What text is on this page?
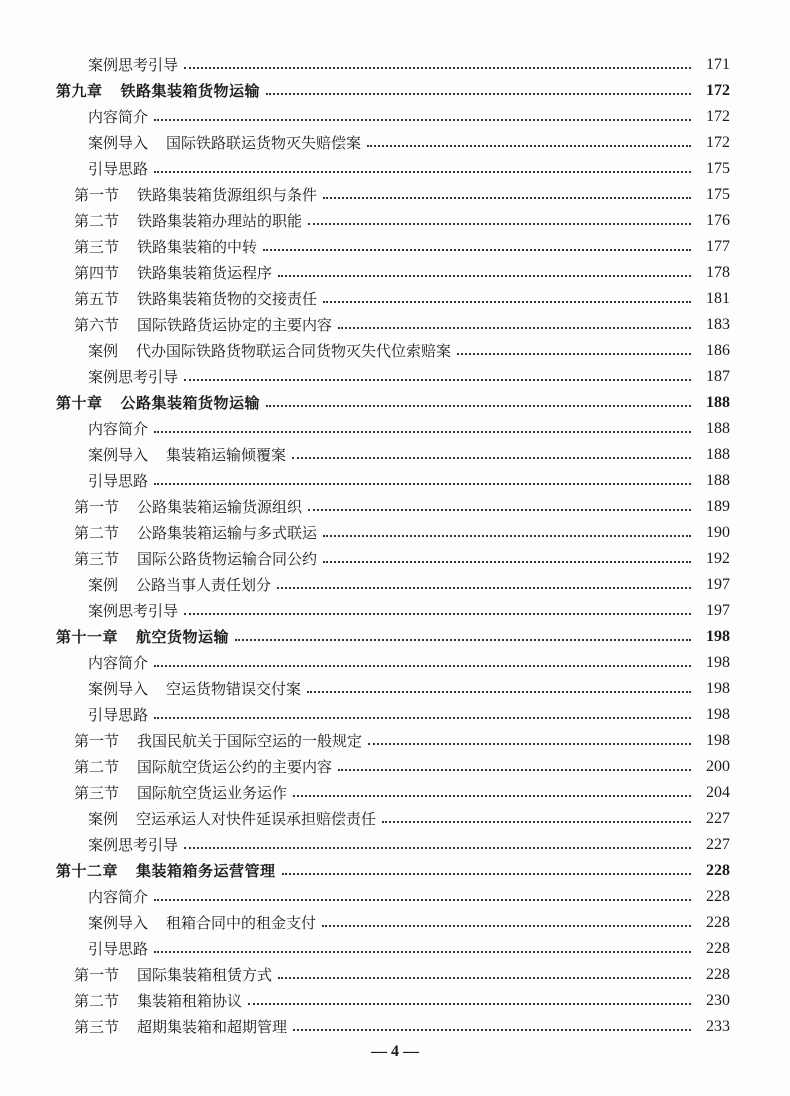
案例思考引导	171
第九章 铁路集装箱货物运输	172
内容简介	172
案例导入 国际铁路联运货物灭失赔偿案	172
引导思路	175
第一节 铁路集装箱货源组织与条件	175
第二节 铁路集装箱办理站的职能	176
第三节 铁路集装箱的中转	177
第四节 铁路集装箱货运程序	178
第五节 铁路集装箱货物的交接责任	181
第六节 国际铁路货运协定的主要内容	183
案例 代办国际铁路货物联运合同货物灭失代位索赔案	186
案例思考引导	187
第十章 公路集装箱货物运输	188
内容简介	188
案例导入 集装箱运输倾覆案	188
引导思路	188
第一节 公路集装箱运输货源组织	189
第二节 公路集装箱运输与多式联运	190
第三节 国际公路货物运输合同公约	192
案例 公路当事人责任划分	197
案例思考引导	197
第十一章 航空货物运输	198
内容简介	198
案例导入 空运货物错误交付案	198
引导思路	198
第一节 我国民航关于国际空运的一般规定	198
第二节 国际航空货运公约的主要内容	200
第三节 国际航空货运业务运作	204
案例 空运承运人对快件延误承担赔偿责任	227
案例思考引导	227
第十二章 集装箱箱务运营管理	228
内容简介	228
案例导入 租箱合同中的租金支付	228
引导思路	228
第一节 国际集装箱租赁方式	228
第二节 集装箱租箱协议	230
第三节 超期集装箱和超期管理	233
— 4 —
